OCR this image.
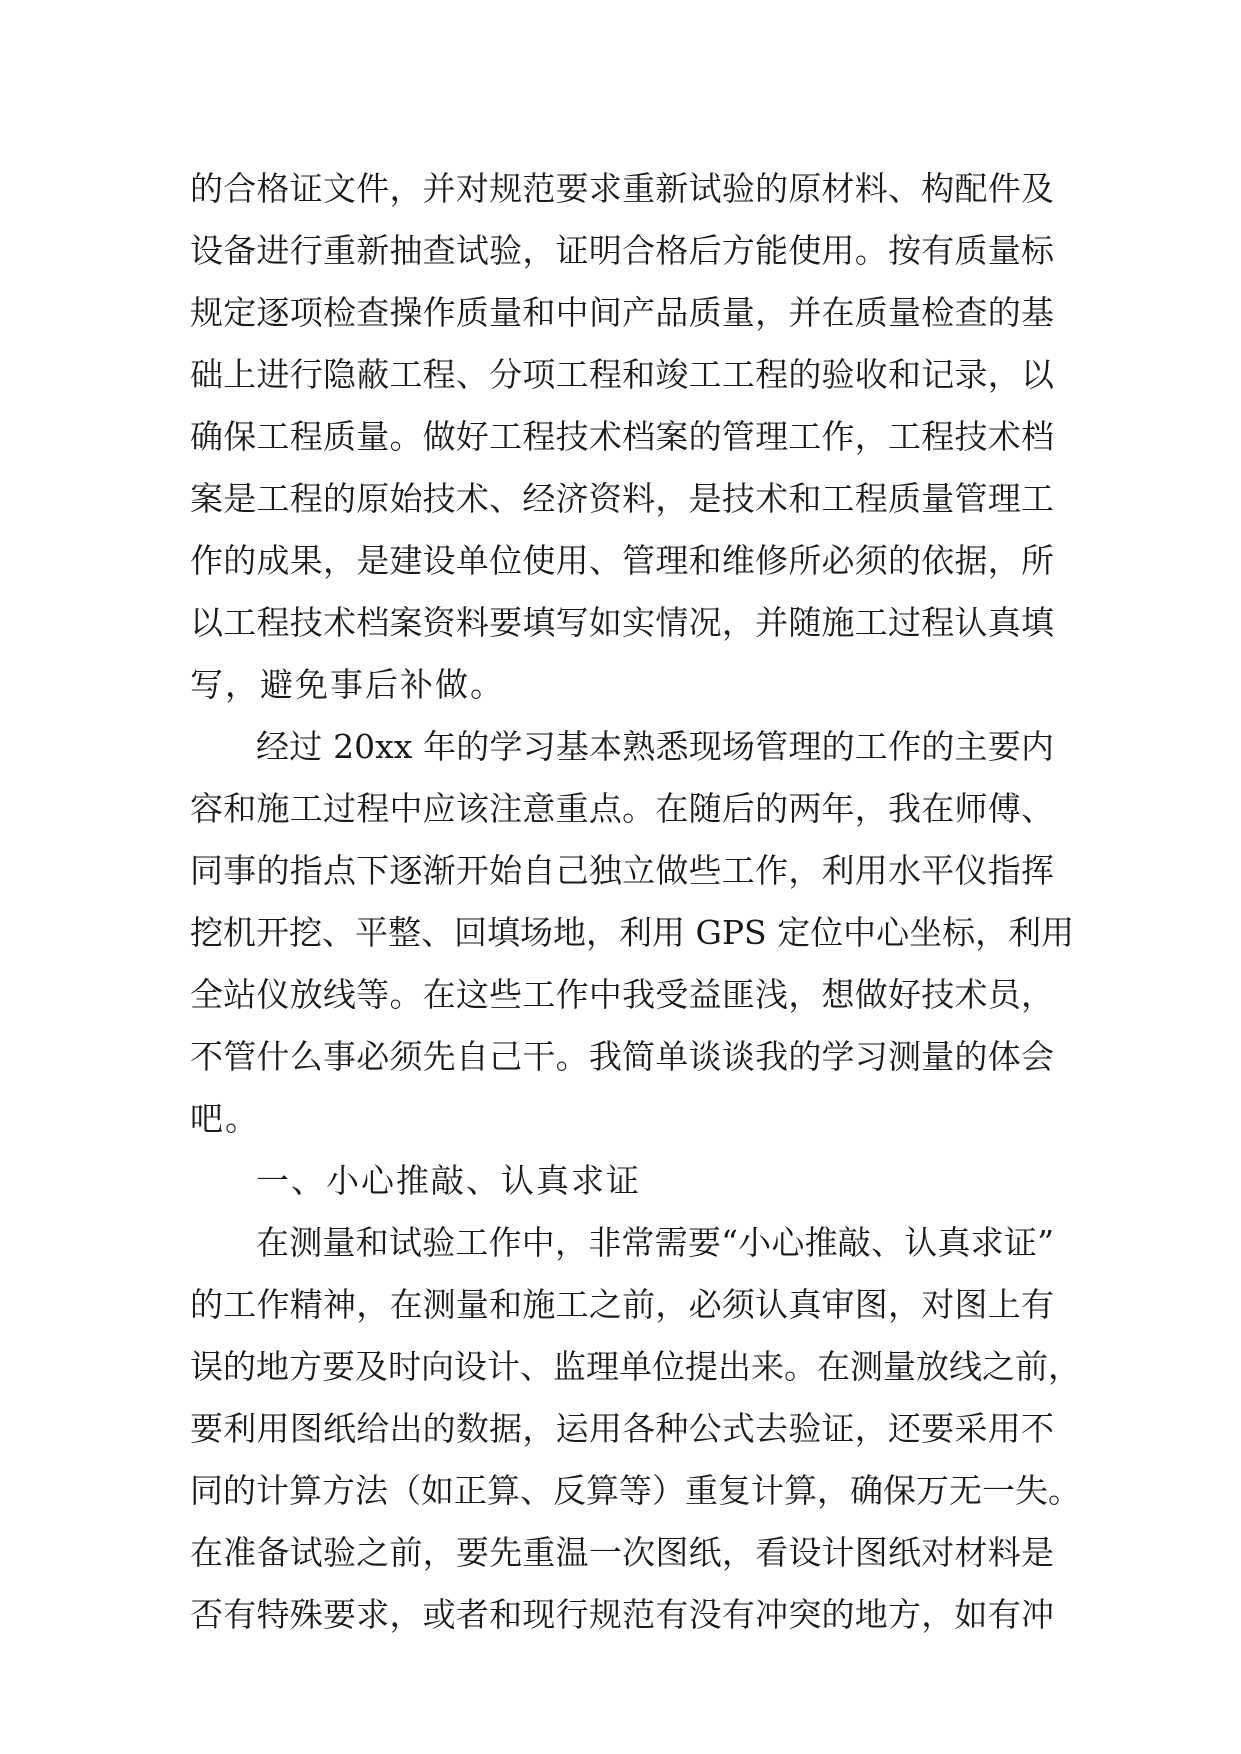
的合格证文件，并对规范要求重新试验的原材料、构配件及
设备进行重新抽查试验，证明合格后方能使用。按有质量标
规定逐项检查操作质量和中间产品质量，并在质量检查的基
础上进行隐蔽工程、分项工程和竣工工程的验收和记录，以
确保工程质量。做好工程技术档案的管理工作，工程技术档
案是工程的原始技术、经济资料，是技术和工程质量管理工
作的成果，是建设单位使用、管理和维修所必须的依据，所
以工程技术档案资料要填写如实情况，并随施工过程认真填
写，避免事后补做。
经过 20xx 年的学习基本熟悉现场管理的工作的主要内
容和施工过程中应该注意重点。在随后的两年，我在师傅、
同事的指点下逐渐开始自己独立做些工作，利用水平仪指挥
挖机开挖、平整、回填场地，利用 GPS 定位中心坐标，利用
全站仪放线等。在这些工作中我受益匪浅，想做好技术员，
不管什么事必须先自己干。我简单谈谈我的学习测量的体会
吧。
一、小心推敲、认真求证
在测量和试验工作中，非常需要“小心推敲、认真求证”
的工作精神，在测量和施工之前，必须认真审图，对图上有
误的地方要及时向设计、监理单位提出来。在测量放线之前，
要利用图纸给出的数据，运用各种公式去验证，还要采用不
同的计算方法（如正算、反算等）重复计算，确保万无一失。
在准备试验之前，要先重温一次图纸，看设计图纸对材料是
否有特殊要求，或者和现行规范有没有冲突的地方，如有冲
